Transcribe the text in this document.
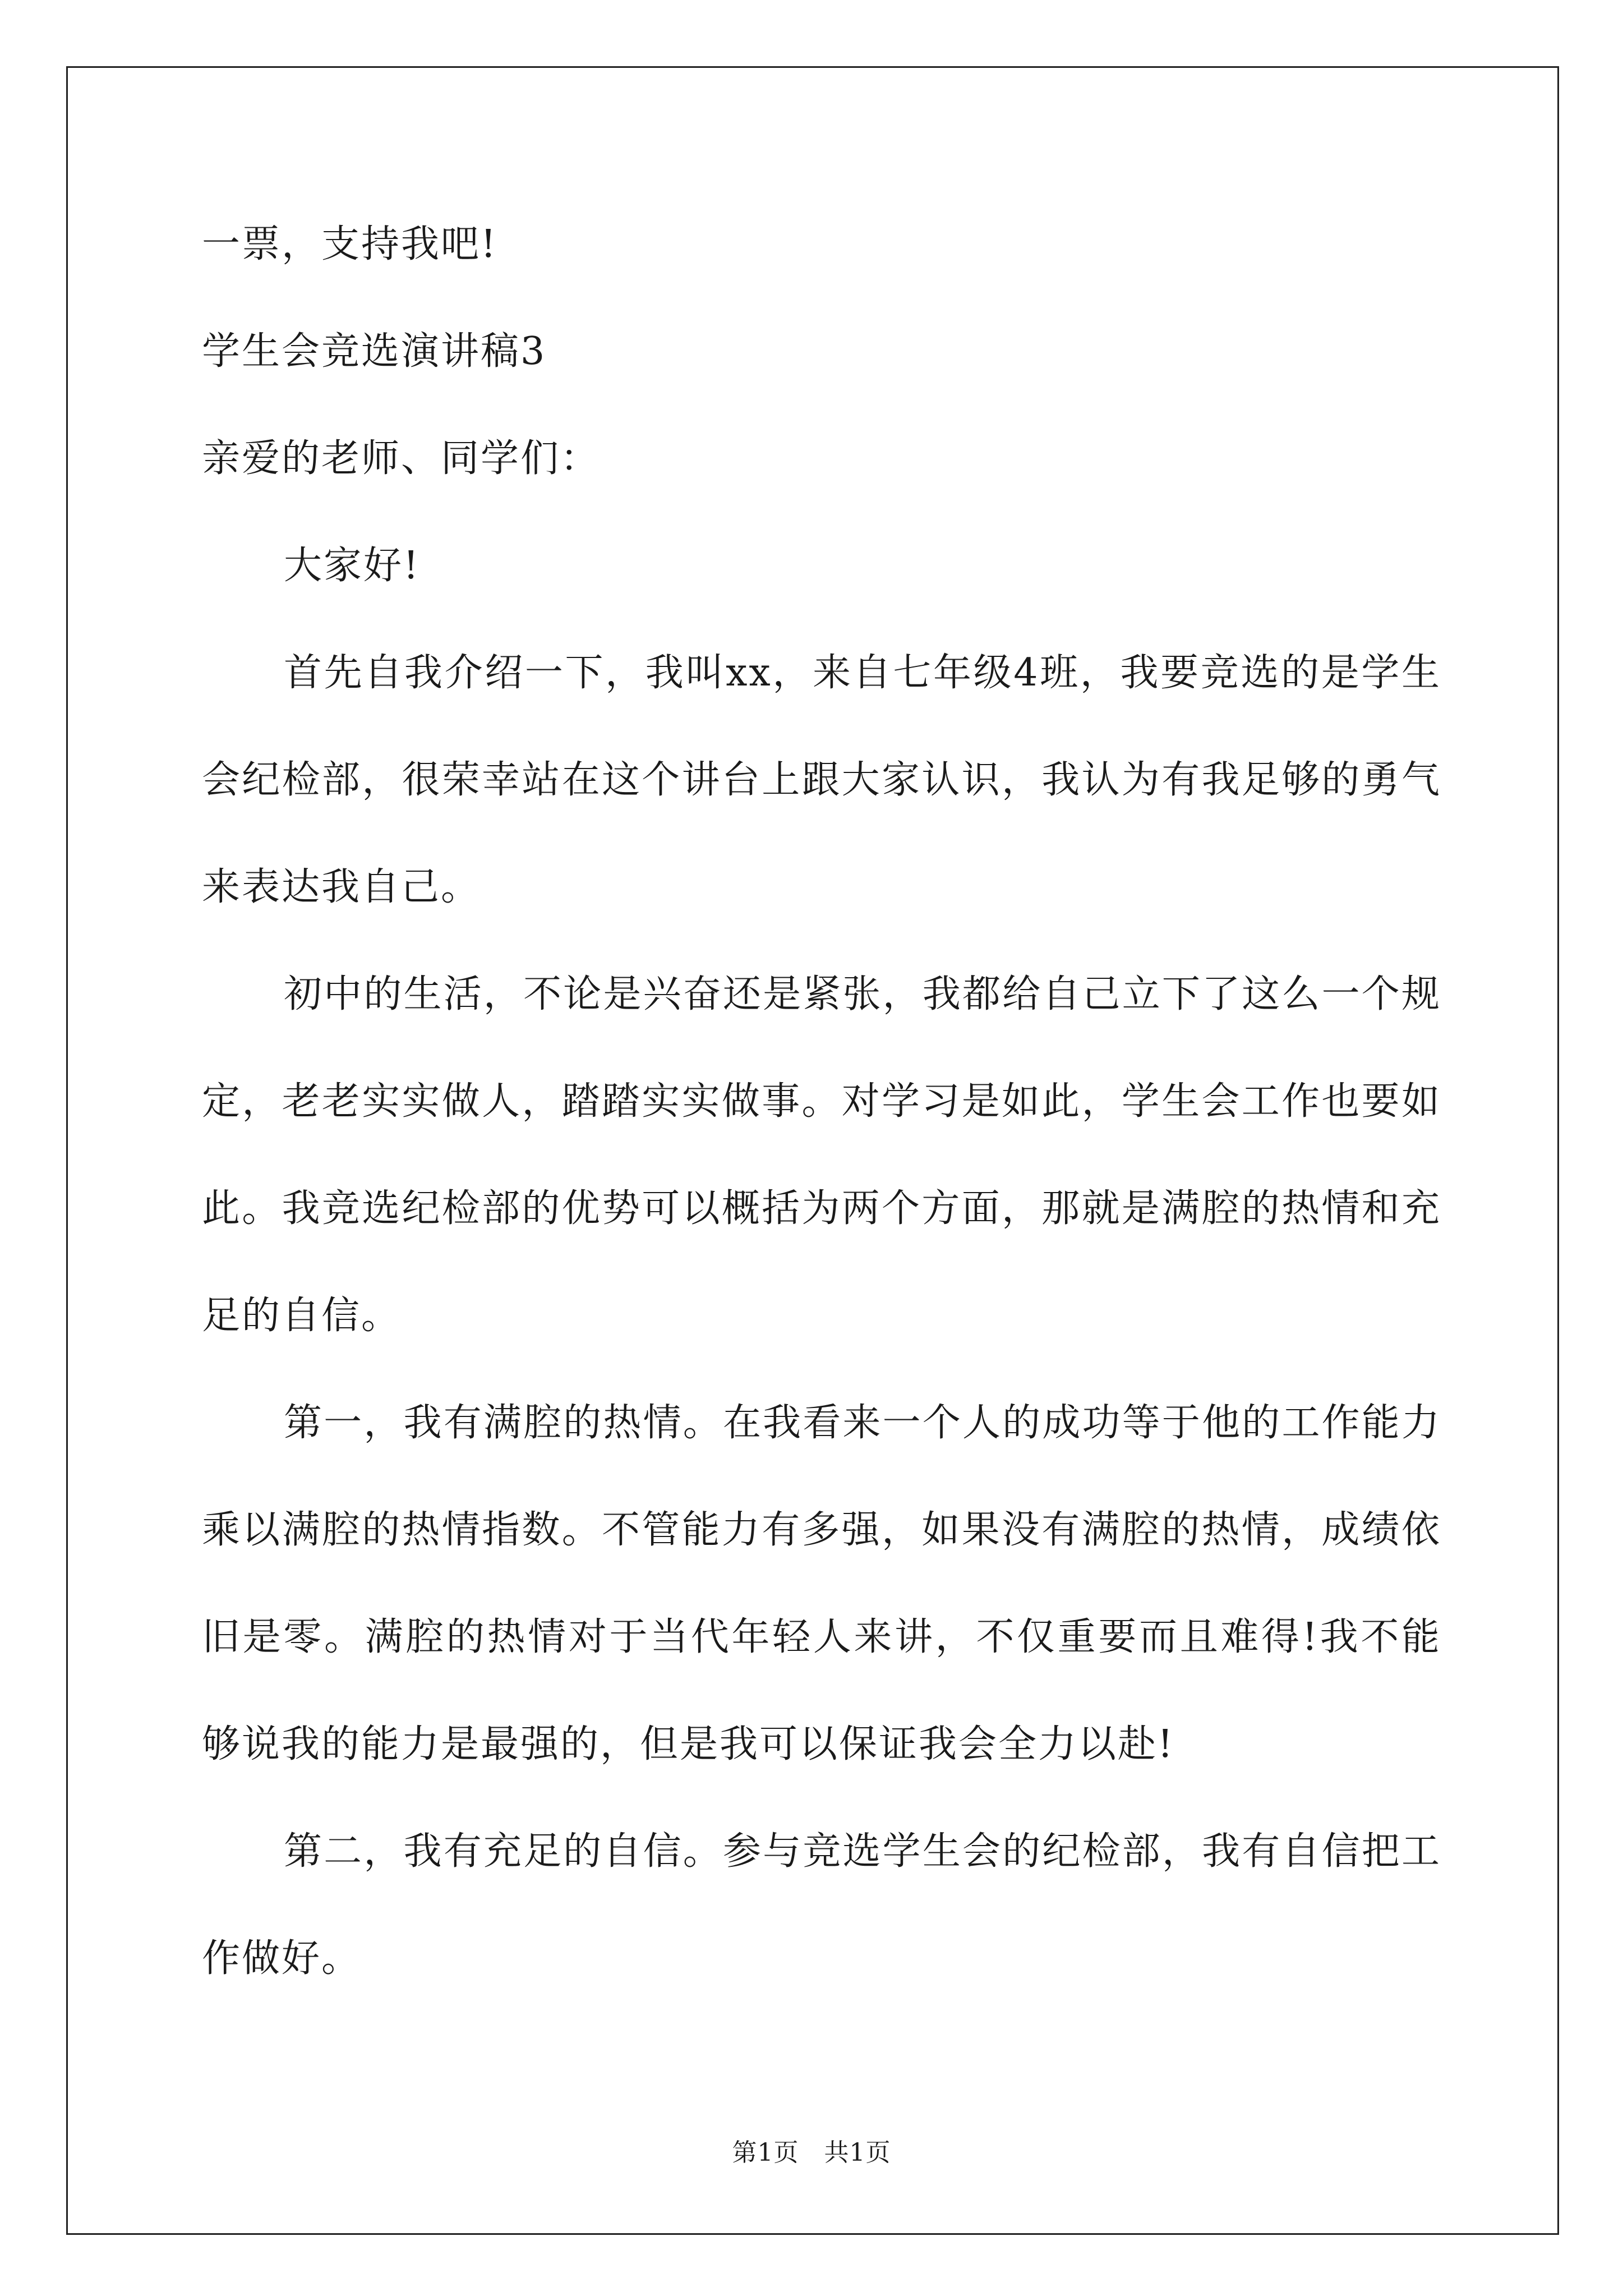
一票，支持我吧!
学生会竞选演讲稿3
亲爱的老师、同学们：
大家好!
首先自我介绍一下，我叫xx，来自七年级4班，我要竞选的是学生会纪检部，很荣幸站在这个讲台上跟大家认识，我认为有我足够的勇气来表达我自己。
初中的生活，不论是兴奋还是紧张，我都给自己立下了这么一个规定，老老实实做人，踏踏实实做事。对学习是如此，学生会工作也要如此。我竞选纪检部的优势可以概括为两个方面，那就是满腔的热情和充足的自信。
第一，我有满腔的热情。在我看来一个人的成功等于他的工作能力乘以满腔的热情指数。不管能力有多强，如果没有满腔的热情，成绩依旧是零。满腔的热情对于当代年轻人来讲，不仅重要而且难得!我不能够说我的能力是最强的，但是我可以保证我会全力以赴!
第二，我有充足的自信。参与竞选学生会的纪检部，我有自信把工作做好。
第1页　共1页
